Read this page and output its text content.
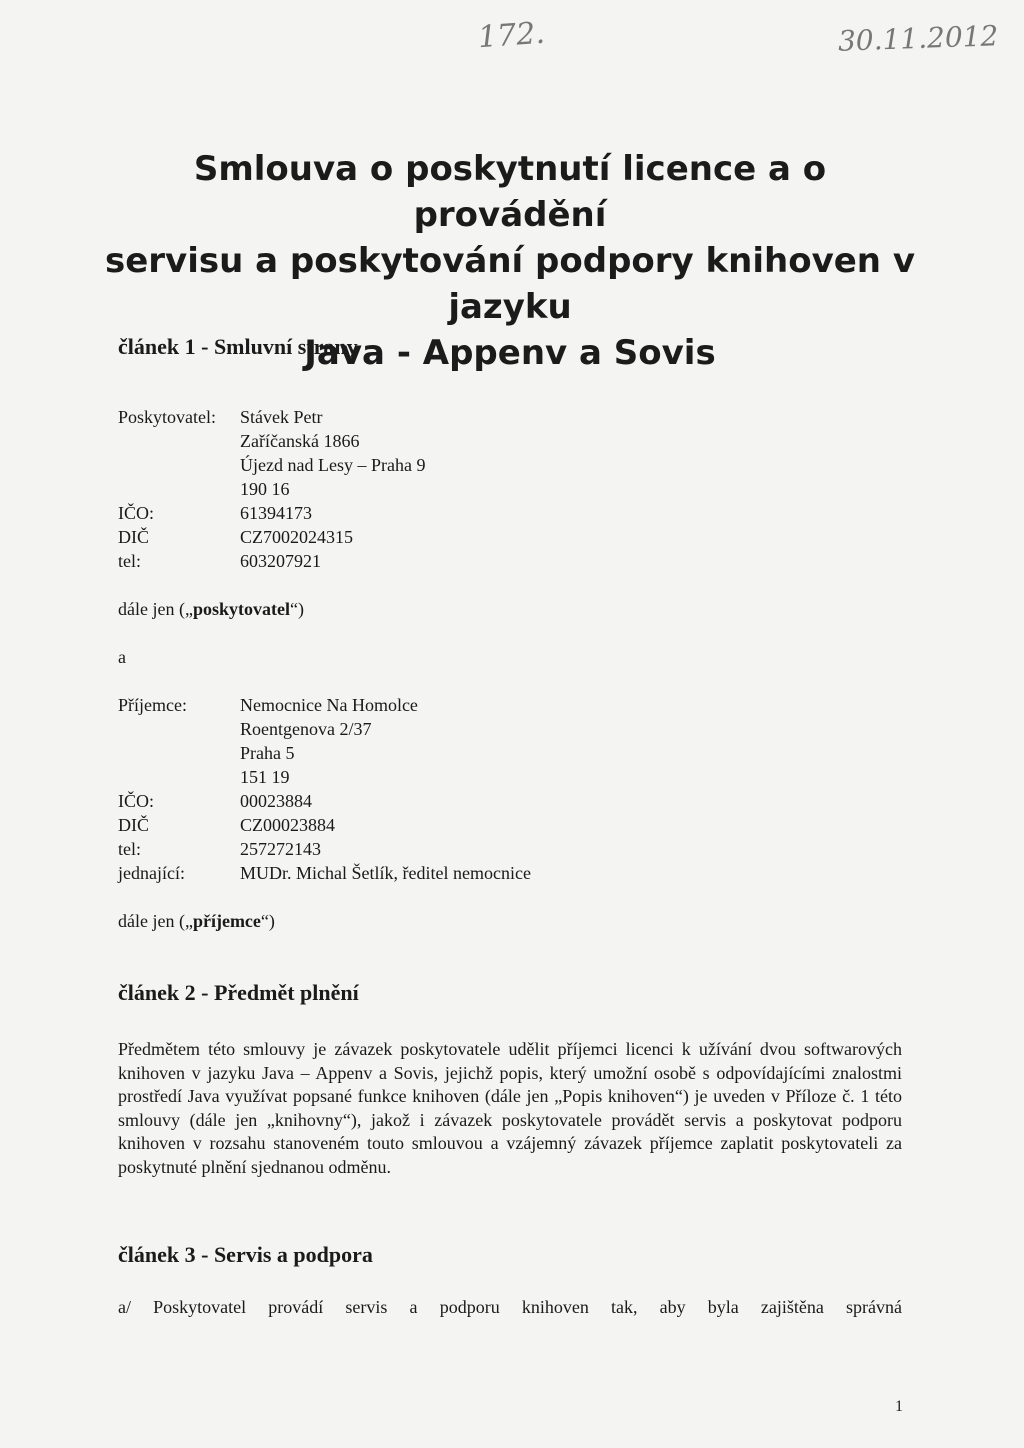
172.	30.11.2012
Smlouva o poskytnutí licence a o provádění
servisu a poskytování podpory knihoven v jazyku
Java - Appenv a Sovis
článek 1 - Smluvní strany
Poskytovatel: Stávek Petr
Zaříčanská 1866
Újezd nad Lesy – Praha 9
190 16
IČO:	61394173
DIČ	CZ7002024315
tel:	603207921
dále jen („poskytovatel“)
a
Příjemce:	Nemocnice Na Homolce
Roentgenova 2/37
Praha 5
151 19
IČO:	00023884
DIČ	CZ00023884
tel:	257272143
jednající:	MUDr. Michal Šetlík, ředitel nemocnice
dále jen („příjemce“)
článek 2 - Předmět plnění
Předmětem této smlouvy je závazek poskytovatele udělit příjemci licenci k užívání dvou softwarových knihoven v jazyku Java – Appenv a Sovis, jejichž popis, který umožní osobě s odpovídajícími znalostmi prostředí Java využívat popsané funkce knihoven (dále jen „Popis knihoven“) je uveden v Příloze č. 1 této smlouvy (dále jen „knihovny“), jakož i závazek poskytovatele provádět servis a poskytovat podporu knihoven v rozsahu stanoveném touto smlouvou a vzájemný závazek příjemce zaplatit poskytovateli za poskytnuté plnění sjednanou odměnu.
článek 3 - Servis a podpora
a/ Poskytovatel provádí servis a podporu knihoven tak, aby byla zajištěna správná
1
